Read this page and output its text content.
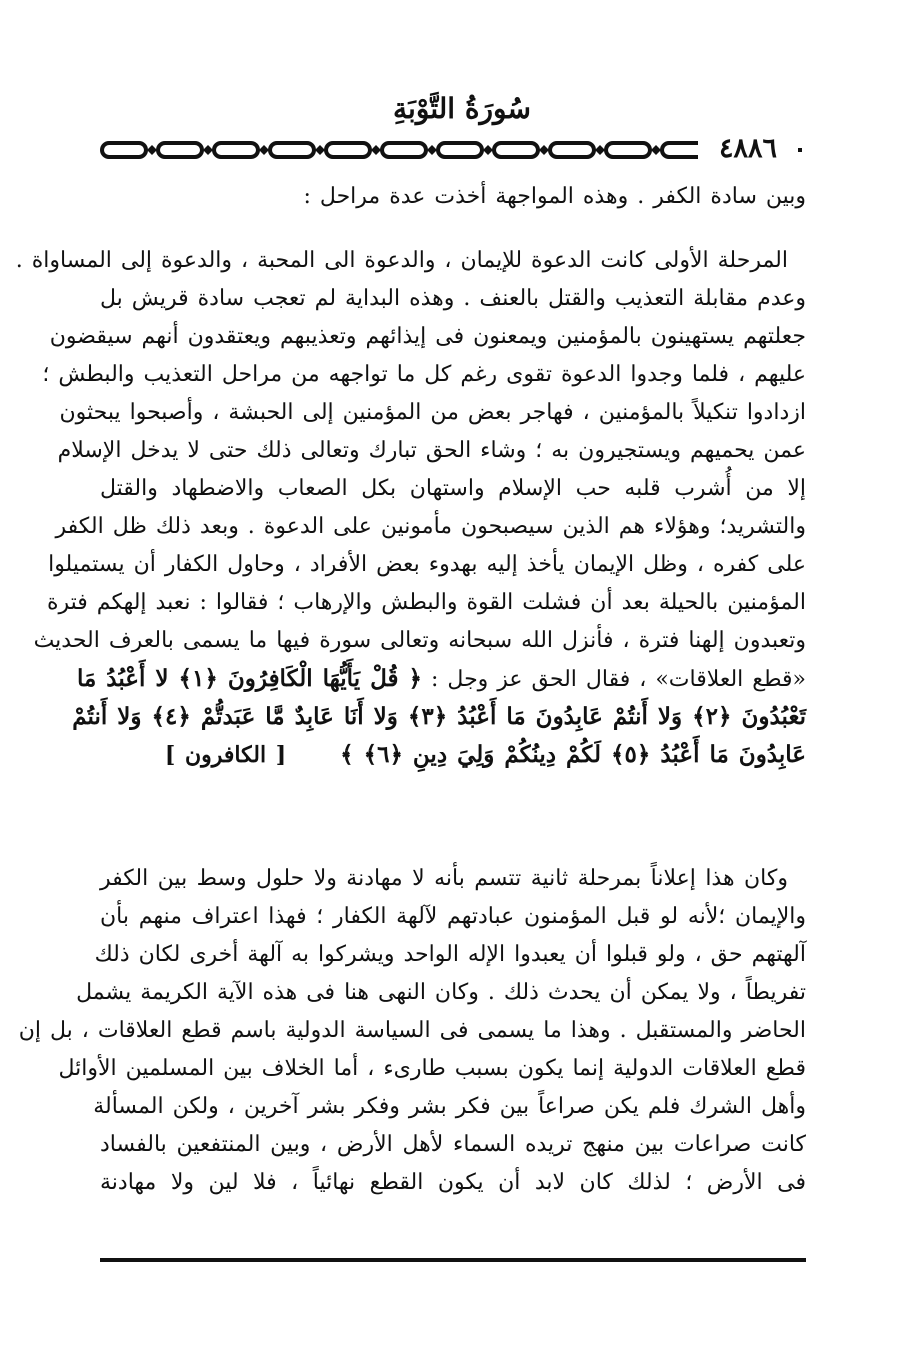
سُورَةُ التَّوْبَةِ
٤٨٨٦
وبين سادة الكفر . وهذه المواجهة أخذت عدة مراحل :
المرحلة الأولى كانت الدعوة للإيمان ، والدعوة الى المحبة ، والدعوة إلى المساواة .
وعدم مقابلة التعذيب والقتل بالعنف . وهذه البداية لم تعجب سادة قريش بل
جعلتهم يستهينون بالمؤمنين ويمعنون فى إيذائهم وتعذيبهم ويعتقدون أنهم سيقضون
عليهم ، فلما وجدوا الدعوة تقوى رغم كل ما تواجهه من مراحل التعذيب والبطش ؛
ازدادوا تنكيلاً بالمؤمنين ، فهاجر بعض من المؤمنين إلى الحبشة ، وأصبحوا يبحثون
عمن يحميهم ويستجيرون به ؛ وشاء الحق تبارك وتعالى ذلك حتى لا يدخل الإسلام
إلا من أُشرب قلبه حب الإسلام واستهان بكل الصعاب والاضطهاد والقتل
والتشريد؛ وهؤلاء هم الذين سيصبحون مأمونين على الدعوة . وبعد ذلك ظل الكفر
على كفره ، وظل الإيمان يأخذ إليه بهدوء بعض الأفراد ، وحاول الكفار أن يستميلوا
المؤمنين بالحيلة بعد أن فشلت القوة والبطش والإرهاب ؛ فقالوا : نعبد إلهكم فترة
وتعبدون إلهنا فترة ، فأنزل الله سبحانه وتعالى سورة فيها ما يسمى بالعرف الحديث
«قطع العلاقات» ، فقال الحق عز وجل : ﴿ قُلْ يَأَيُّهَا الْكَافِرُونَ ﴿١﴾ لا أَعْبُدُ مَا
تَعْبُدُونَ ﴿٢﴾ وَلا أَنتُمْ عَابِدُونَ مَا أَعْبُدُ ﴿٣﴾ وَلا أَنَا عَابِدٌ مَّا عَبَدتُّمْ ﴿٤﴾ وَلا أَنتُمْ
عَابِدُونَ مَا أَعْبُدُ ﴿٥﴾ لَكُمْ دِينُكُمْ وَلِيَ دِينِ ﴿٦﴾ ﴾      [ الكافرون ]
وكان هذا إعلاناً بمرحلة ثانية تتسم بأنه لا مهادنة ولا حلول وسط بين الكفر
والإيمان ؛لأنه لو قبل المؤمنون عبادتهم لآلهة الكفار ؛ فهذا اعتراف منهم بأن
آلهتهم حق ، ولو قبلوا أن يعبدوا الإله الواحد ويشركوا به آلهة أخرى لكان ذلك
تفريطاً ، ولا يمكن أن يحدث ذلك . وكان النهى هنا فى هذه الآية الكريمة يشمل
الحاضر والمستقبل . وهذا ما يسمى فى السياسة الدولية باسم قطع العلاقات ، بل إن
قطع العلاقات الدولية إنما يكون بسبب طارىء ، أما الخلاف بين المسلمين الأوائل
وأهل الشرك فلم يكن صراعاً بين فكر بشر وفكر بشر آخرين ، ولكن المسألة
كانت صراعات بين منهج تريده السماء لأهل الأرض ، وبين المنتفعين بالفساد
فى الأرض ؛ لذلك كان لابد أن يكون القطع نهائياً ، فلا لين ولا مهادنة
